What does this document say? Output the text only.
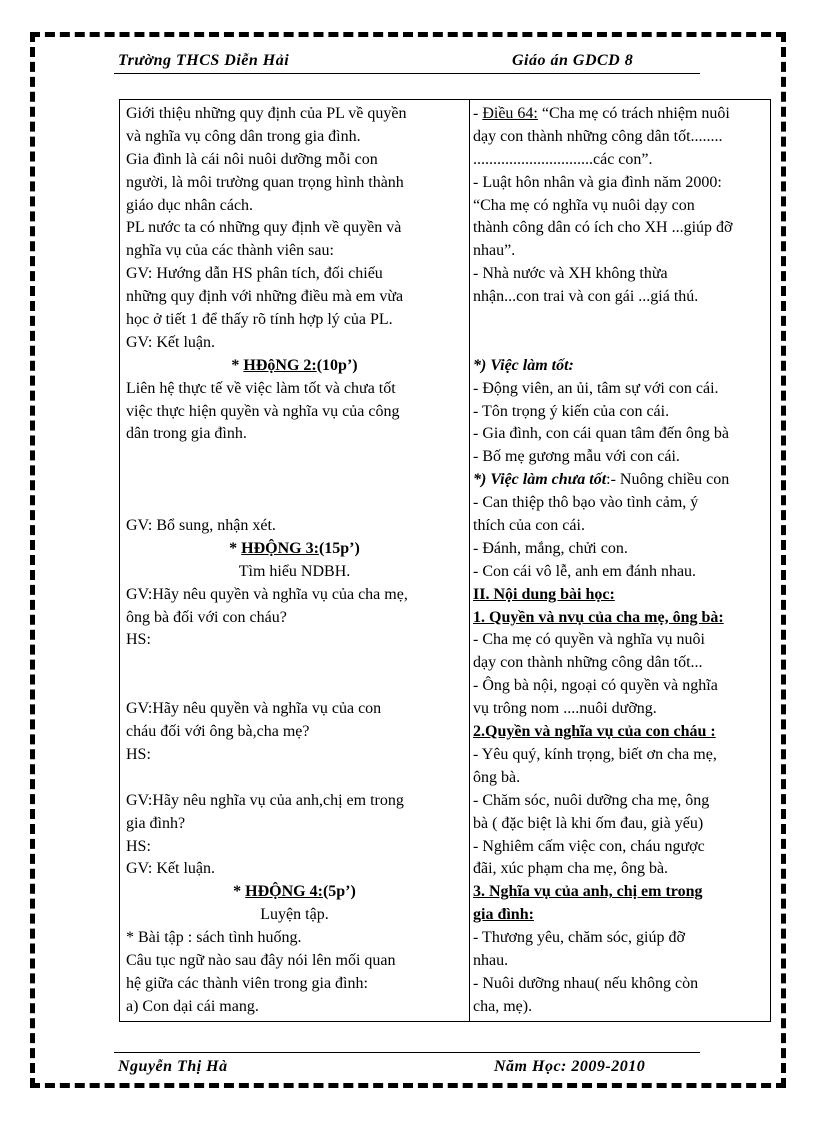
Trường THCS Diễn Hải	Giáo án GDCD 8
Giới thiệu những quy định của PL về quyền
và nghĩa vụ công dân trong gia đình.
Gia đình là cái nôi nuôi dưỡng mỗi con
người, là môi trường quan trọng hình thành
giáo dục nhân cách.
PL nước ta có những quy định về quyền và
nghĩa vụ của các thành viên sau:
GV: Hướng dẫn HS phân tích, đối chiếu
những quy định với những điều mà em vừa
học ở tiết 1 để thấy rõ tính hợp lý của PL.
GV: Kết luận.
* HĐộNG 2:(10p’)
Liên hệ thực tế về việc làm tốt và chưa tốt
việc thực hiện quyền và nghĩa vụ của công
dân trong gia đình.
GV: Bổ sung, nhận xét.
* HĐỘNG 3:(15p’)
Tìm hiểu NDBH.
GV:Hãy nêu quyền và nghĩa vụ của cha mẹ,
ông bà đối với con cháu?
HS:
GV:Hãy nêu quyền và nghĩa vụ của con
cháu đối với ông bà,cha mẹ?
HS:
GV:Hãy nêu nghĩa vụ của anh,chị em trong
gia đình?
HS:
GV: Kết luận.
* HĐỘNG 4:(5p’)
Luyện tập.
* Bài tập : sách tình huống.
Câu tục ngữ nào sau đây nói lên mối quan
hệ giữa các thành viên trong gia đình:
a) Con dại cái mang.

- Điều 64: “Cha mẹ có trách nhiệm nuôi
dạy con thành những công dân tốt........
..............................các con”.
- Luật hôn nhân và gia đình năm 2000:
“Cha mẹ có nghĩa vụ nuôi dạy con
thành công dân có ích cho XH ...giúp đỡ
nhau”.
- Nhà nước và XH không thừa
nhận...con trai và con gái ...giá thú.
*) Việc làm tốt:
- Động viên, an ủi, tâm sự với con cái.
- Tôn trọng ý kiến của con cái.
- Gia đình, con cái quan tâm đến ông bà
- Bố mẹ gương mẫu với con cái.
*) Việc làm chưa tốt:- Nuông chiều con
- Can thiệp thô bạo vào tình cảm, ý
thích của con cái.
- Đánh, mắng, chửi con.
- Con cái vô lễ, anh em đánh nhau.
II. Nội dung bài học:
1. Quyền và nvụ của cha mẹ, ông bà:
- Cha mẹ có quyền và nghĩa vụ nuôi
dạy con thành những công dân tốt...
- Ông bà nội, ngoại có quyền và nghĩa
vụ trông nom ....nuôi dưỡng.
2.Quyền và nghĩa vụ của con cháu :
- Yêu quý, kính trọng, biết ơn cha mẹ,
ông bà.
- Chăm sóc, nuôi dưỡng cha mẹ, ông
bà ( đặc biệt là khi ốm đau, già yếu)
- Nghiêm cấm việc con, cháu ngược
đãi, xúc phạm cha mẹ, ông bà.
3. Nghĩa vụ của anh, chị em trong
gia đình:
- Thương yêu, chăm sóc, giúp đỡ
nhau.
- Nuôi dưỡng nhau( nếu không còn
cha, mẹ).
Nguyễn Thị Hà	Năm Học: 2009-2010
